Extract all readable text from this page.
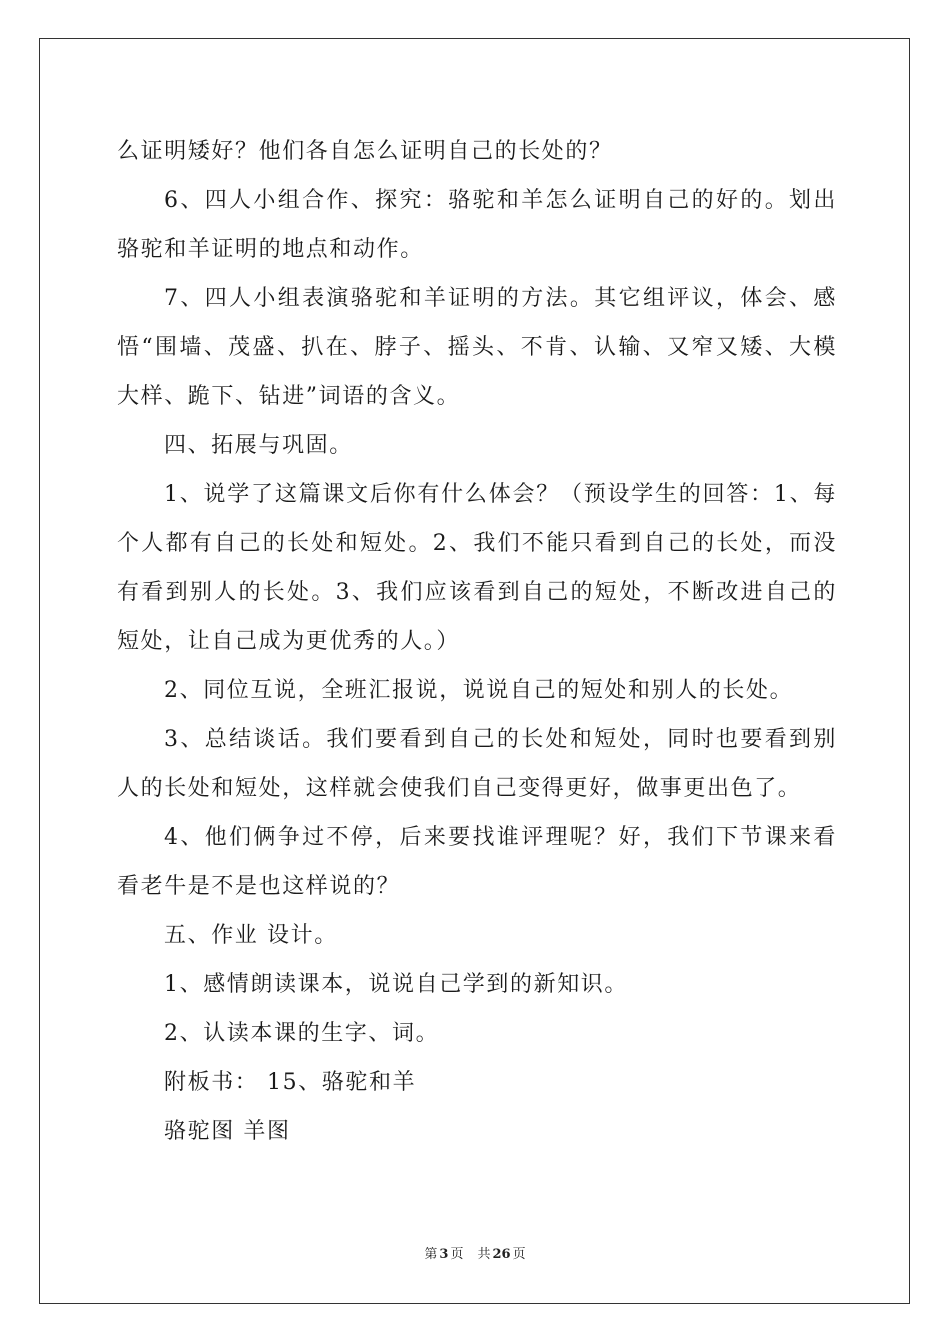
么证明矮好？他们各自怎么证明自己的长处的？

6、四人小组合作、探究：骆驼和羊怎么证明自己的好的。划出骆驼和羊证明的地点和动作。

7、四人小组表演骆驼和羊证明的方法。其它组评议，体会、感悟“围墙、茂盛、扒在、脖子、摇头、不肯、认输、又窄又矮、大模大样、跪下、钻进”词语的含义。

四、拓展与巩固。

1、说学了这篇课文后你有什么体会？（预设学生的回答：1、每个人都有自己的长处和短处。2、我们不能只看到自己的长处，而没有看到别人的长处。3、我们应该看到自己的短处，不断改进自己的短处，让自己成为更优秀的人。）

2、同位互说，全班汇报说，说说自己的短处和别人的长处。

3、总结谈话。我们要看到自己的长处和短处，同时也要看到别人的长处和短处，这样就会使我们自己变得更好，做事更出色了。

4、他们俩争过不停，后来要找谁评理呢？好，我们下节课来看看老牛是不是也这样说的？

五、作业 设计。

1、感情朗读课本，说说自己学到的新知识。

2、认读本课的生字、词。

附板书： 15、骆驼和羊

骆驼图 羊图

第 3 页 共 26 页
